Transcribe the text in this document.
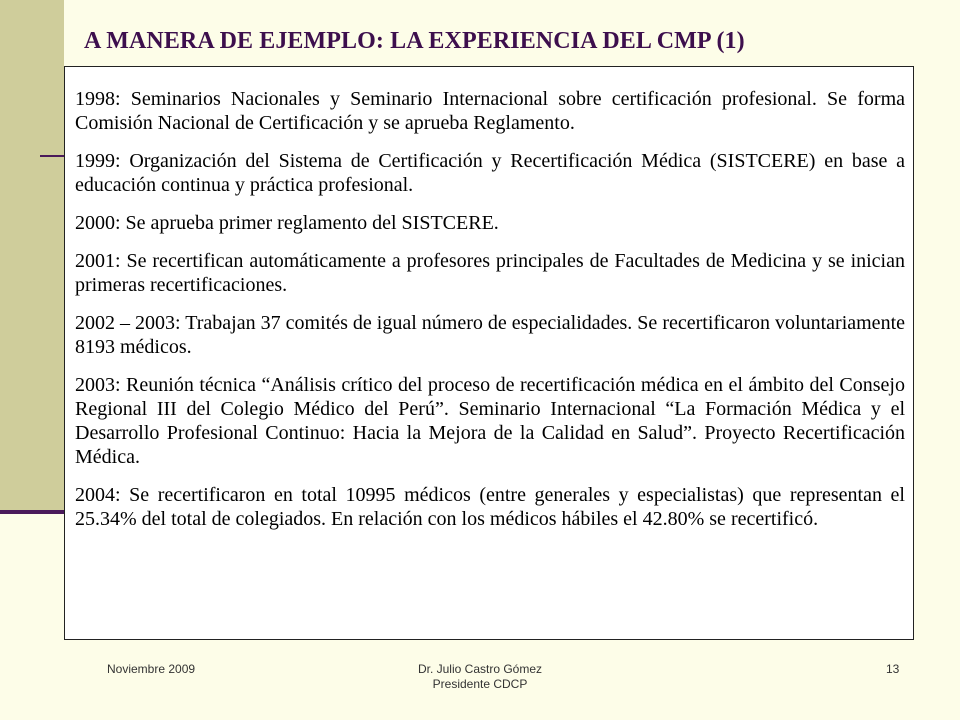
A MANERA DE EJEMPLO: LA EXPERIENCIA DEL CMP (1)

1998: Seminarios Nacionales y Seminario Internacional sobre certificación profesional. Se forma Comisión Nacional de Certificación y se aprueba Reglamento.

1999: Organización del Sistema de Certificación y Recertificación Médica (SISTCERE) en base a educación continua y práctica profesional.

2000: Se aprueba primer reglamento del SISTCERE.

2001: Se recertifican automáticamente a profesores principales de Facultades de Medicina y se inician primeras recertificaciones.

2002 – 2003: Trabajan 37 comités de igual número de especialidades. Se recertificaron voluntariamente 8193 médicos.

2003: Reunión técnica “Análisis crítico del proceso de recertificación médica en el ámbito del Consejo Regional III del Colegio Médico del Perú”. Seminario Internacional “La Formación Médica y el Desarrollo Profesional Continuo: Hacia la Mejora de la Calidad en Salud”. Proyecto Recertificación Médica.

2004: Se recertificaron en total 10995 médicos (entre generales y especialistas) que representan el 25.34% del total de colegiados. En relación con los médicos hábiles el 42.80% se recertificó.

Noviembre 2009	Dr. Julio Castro Gómez
Presidente CDCP
13
